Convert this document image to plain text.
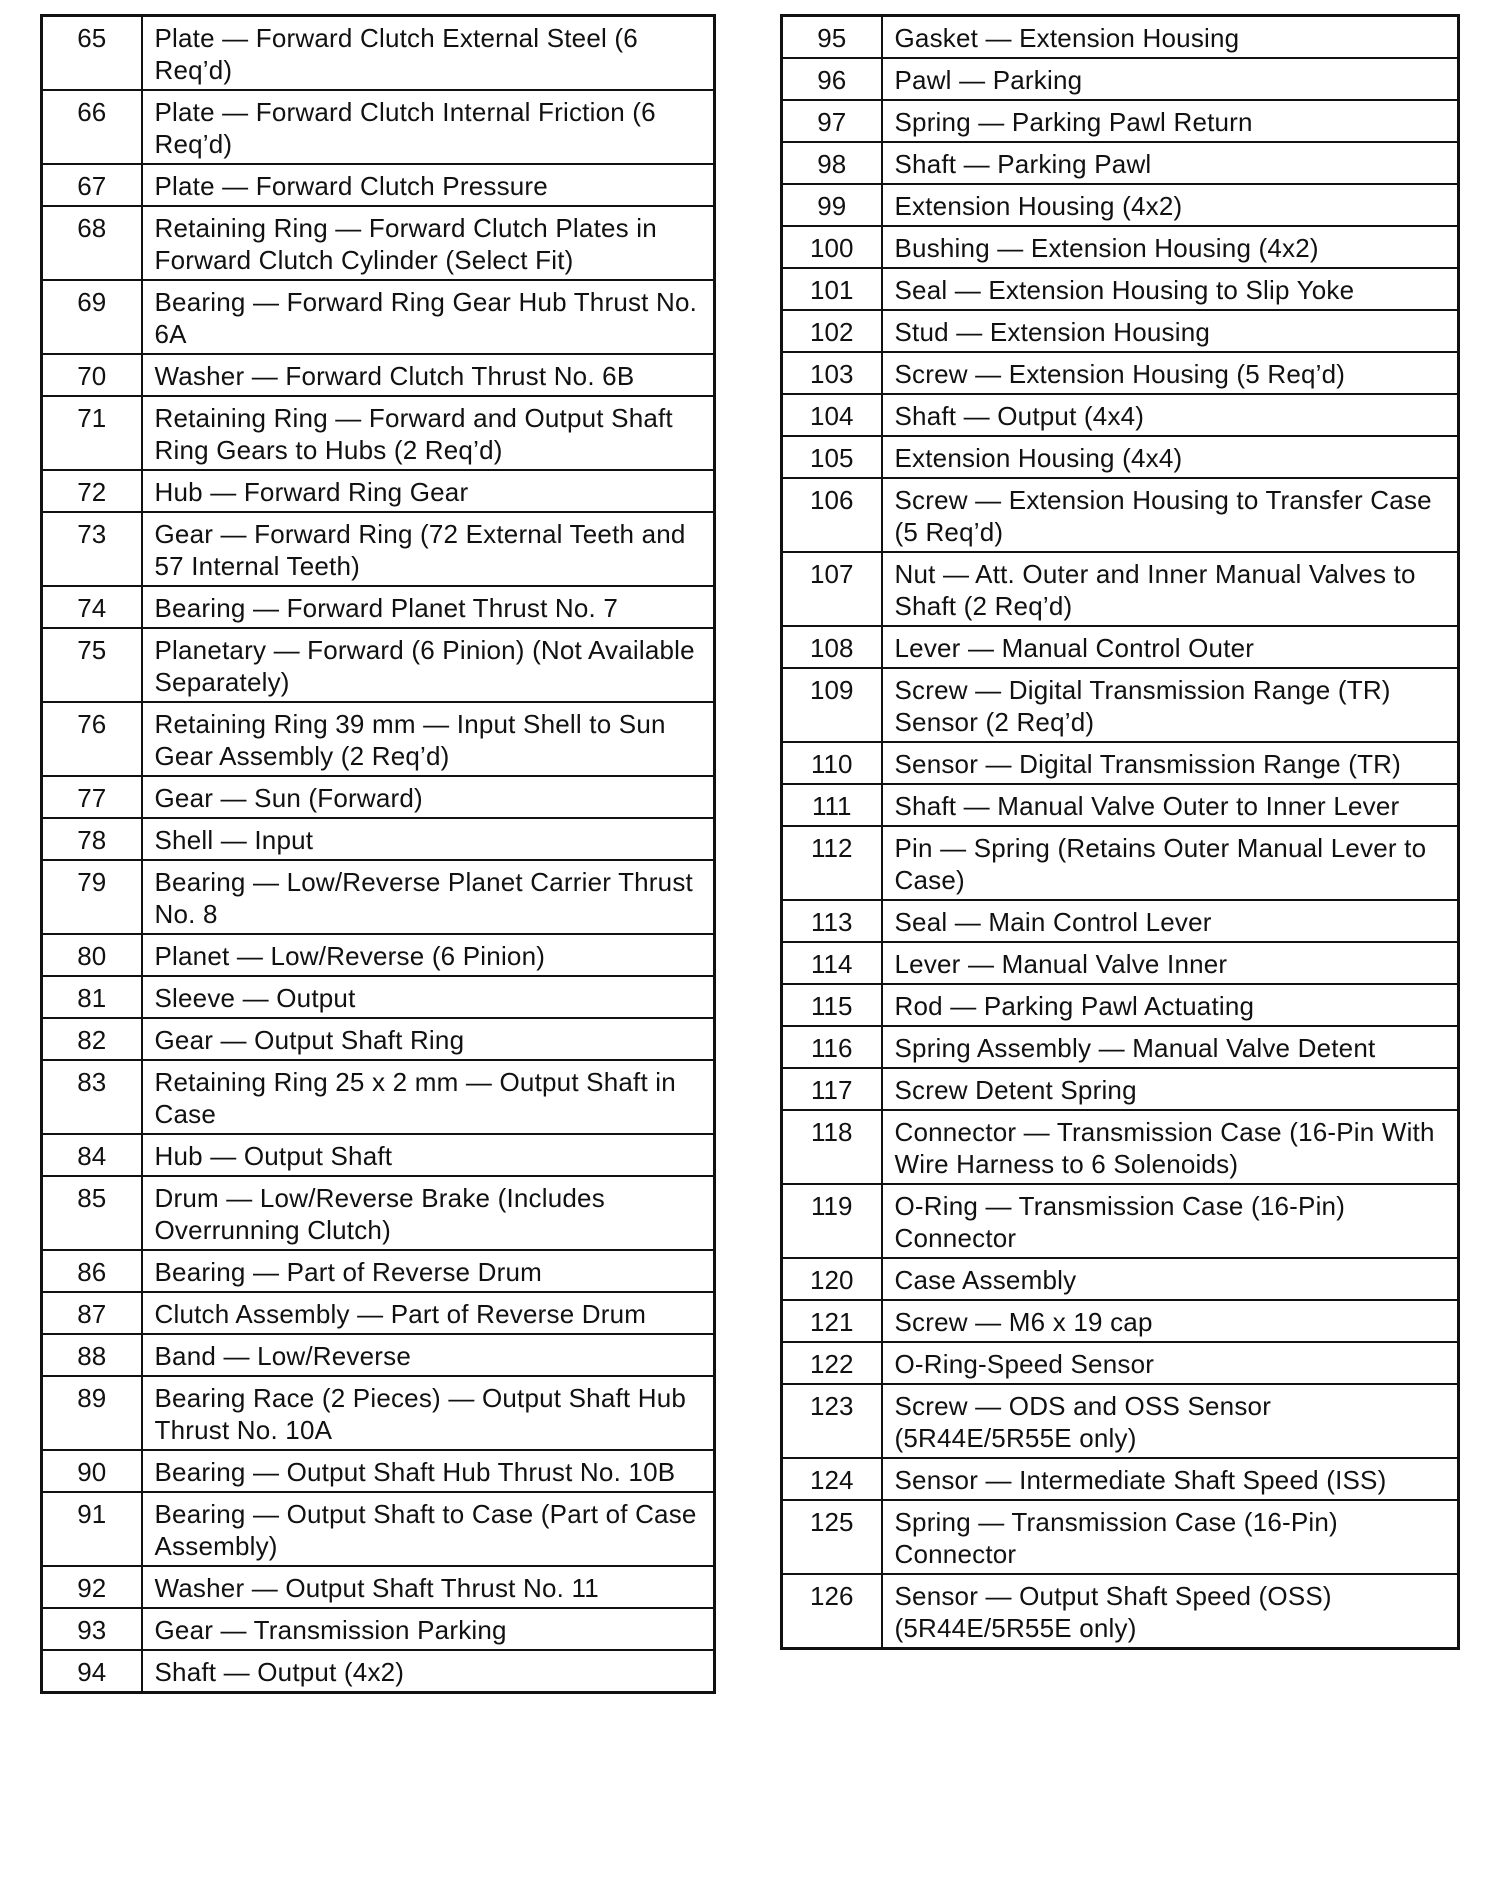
65	Plate — Forward Clutch External Steel (6 Req’d)
66	Plate — Forward Clutch Internal Friction (6 Req’d)
67	Plate — Forward Clutch Pressure
68	Retaining Ring — Forward Clutch Plates in Forward Clutch Cylinder (Select Fit)
69	Bearing — Forward Ring Gear Hub Thrust No. 6A
70	Washer — Forward Clutch Thrust No. 6B
71	Retaining Ring — Forward and Output Shaft Ring Gears to Hubs (2 Req’d)
72	Hub — Forward Ring Gear
73	Gear — Forward Ring (72 External Teeth and 57 Internal Teeth)
74	Bearing — Forward Planet Thrust No. 7
75	Planetary — Forward (6 Pinion) (Not Available Separately)
76	Retaining Ring 39 mm — Input Shell to Sun Gear Assembly (2 Req’d)
77	Gear — Sun (Forward)
78	Shell — Input
79	Bearing — Low/Reverse Planet Carrier Thrust No. 8
80	Planet — Low/Reverse (6 Pinion)
81	Sleeve — Output
82	Gear — Output Shaft Ring
83	Retaining Ring 25 x 2 mm — Output Shaft in Case
84	Hub — Output Shaft
85	Drum — Low/Reverse Brake (Includes Overrunning Clutch)
86	Bearing — Part of Reverse Drum
87	Clutch Assembly — Part of Reverse Drum
88	Band — Low/Reverse
89	Bearing Race (2 Pieces) — Output Shaft Hub Thrust No. 10A
90	Bearing — Output Shaft Hub Thrust No. 10B
91	Bearing — Output Shaft to Case (Part of Case Assembly)
92	Washer — Output Shaft Thrust No. 11
93	Gear — Transmission Parking
94	Shaft — Output (4x2)
95	Gasket — Extension Housing
96	Pawl — Parking
97	Spring — Parking Pawl Return
98	Shaft — Parking Pawl
99	Extension Housing (4x2)
100	Bushing — Extension Housing (4x2)
101	Seal — Extension Housing to Slip Yoke
102	Stud — Extension Housing
103	Screw — Extension Housing (5 Req’d)
104	Shaft — Output (4x4)
105	Extension Housing (4x4)
106	Screw — Extension Housing to Transfer Case (5 Req’d)
107	Nut — Att. Outer and Inner Manual Valves to Shaft (2 Req’d)
108	Lever — Manual Control Outer
109	Screw — Digital Transmission Range (TR) Sensor (2 Req’d)
110	Sensor — Digital Transmission Range (TR)
111	Shaft — Manual Valve Outer to Inner Lever
112	Pin — Spring (Retains Outer Manual Lever to Case)
113	Seal — Main Control Lever
114	Lever — Manual Valve Inner
115	Rod — Parking Pawl Actuating
116	Spring Assembly — Manual Valve Detent
117	Screw Detent Spring
118	Connector — Transmission Case (16-Pin With Wire Harness to 6 Solenoids)
119	O-Ring — Transmission Case (16-Pin) Connector
120	Case Assembly
121	Screw — M6 x 19 cap
122	O-Ring-Speed Sensor
123	Screw — ODS and OSS Sensor (5R44E/5R55E only)
124	Sensor — Intermediate Shaft Speed (ISS)
125	Spring — Transmission Case (16-Pin) Connector
126	Sensor — Output Shaft Speed (OSS) (5R44E/5R55E only)
